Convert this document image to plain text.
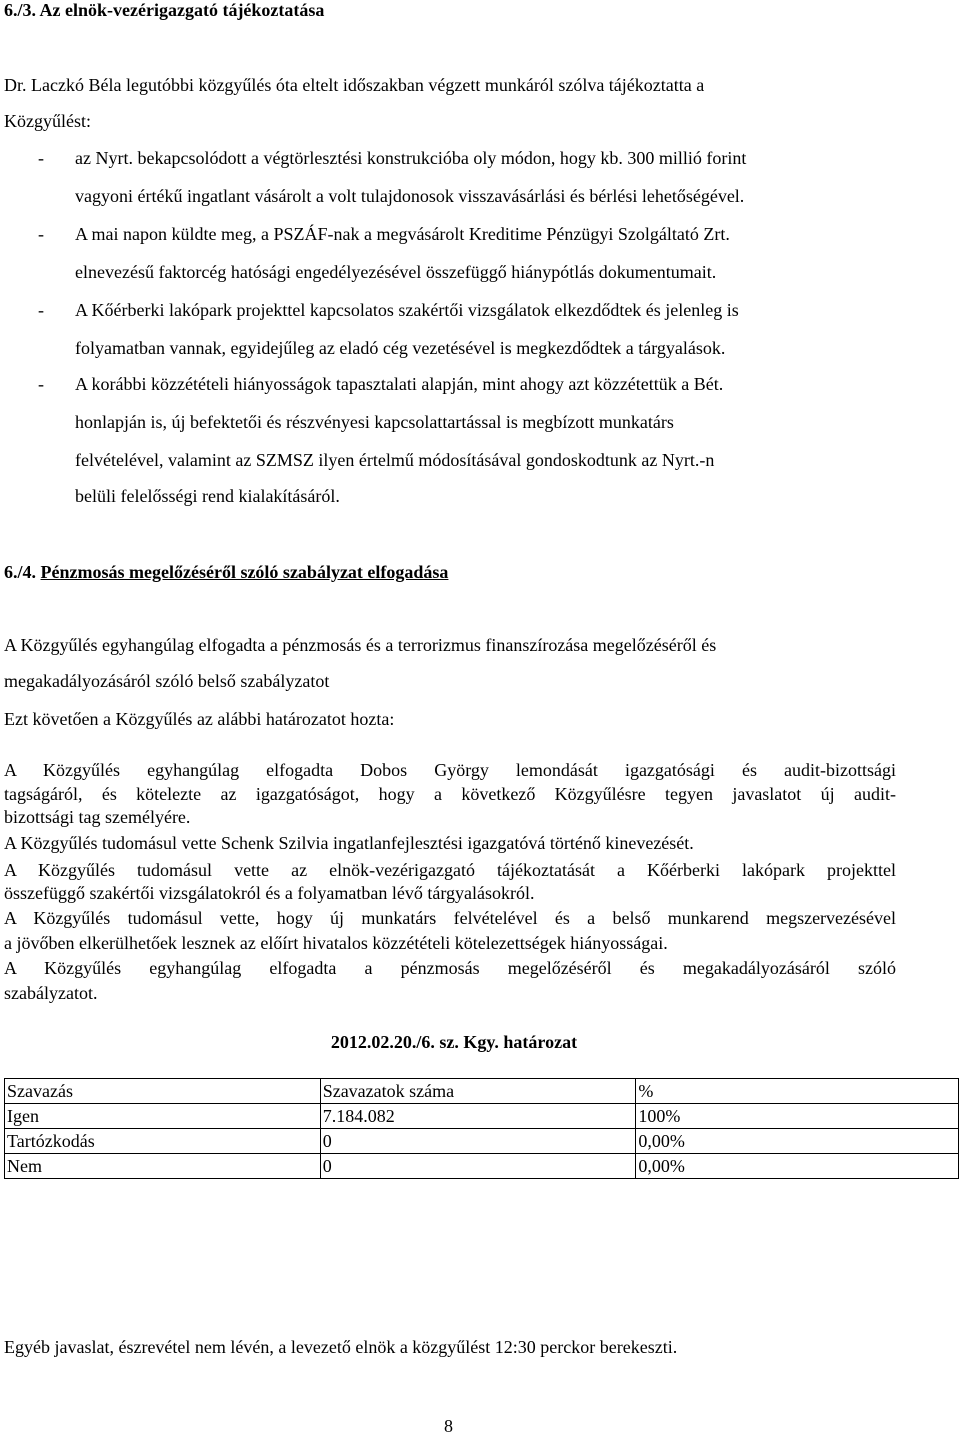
6./3. Az elnök-vezérigazgató tájékoztatása
Dr. Laczkó Béla legutóbbi közgyűlés óta eltelt időszakban végzett munkáról szólva tájékoztatta a
Közgyűlést:
- az Nyrt. bekapcsolódott a végtörlesztési konstrukcióba oly módon, hogy kb. 300 millió forint
vagyoni értékű ingatlant vásárolt a volt tulajdonosok visszavásárlási és bérlési lehetőségével.
- A mai napon küldte meg, a PSZÁF-nak a megvásárolt Kreditime Pénzügyi Szolgáltató Zrt.
elnevezésű faktorcég hatósági engedélyezésével összefüggő hiánypótlás dokumentumait.
- A Kőérberki lakópark projekttel kapcsolatos szakértői vizsgálatok elkezdődtek és jelenleg is
folyamatban vannak, egyidejűleg az eladó cég vezetésével is megkezdődtek a tárgyalások.
- A korábbi közzétételi hiányosságok tapasztalati alapján, mint ahogy azt közzétettük a Bét.
honlapján is, új befektetői és részvényesi kapcsolattartással is megbízott munkatárs
felvételével, valamint az SZMSZ ilyen értelmű módosításával gondoskodtunk az Nyrt.-n
belüli felelősségi rend kialakításáról.
6./4. Pénzmosás megelőzéséről szóló szabályzat elfogadása
A Közgyűlés egyhangúlag elfogadta a pénzmosás és a terrorizmus finanszírozása megelőzéséről és
megakadályozásáról szóló belső szabályzatot
Ezt követően a Közgyűlés az alábbi határozatot hozta:
A Közgyűlés egyhangúlag elfogadta Dobos György lemondását igazgatósági és audit-bizottsági
tagságáról, és kötelezte az igazgatóságot, hogy a következő Közgyűlésre tegyen javaslatot új audit-
bizottsági tag személyére.
A Közgyűlés tudomásul vette Schenk Szilvia ingatlanfejlesztési igazgatóvá történő kinevezését.
A Közgyűlés tudomásul vette az elnök-vezérigazgató tájékoztatását a Kőérberki lakópark projekttel
összefüggő szakértői vizsgálatokról és a folyamatban lévő tárgyalásokról.
A Közgyűlés tudomásul vette, hogy új munkatárs felvételével és a belső munkarend megszervezésével
a jövőben elkerülhetőek lesznek az előírt hivatalos közzétételi kötelezettségek hiányosságai.
A Közgyűlés egyhangúlag elfogadta a pénzmosás megelőzéséről és megakadályozásáról szóló
szabályzatot.
2012.02.20./6. sz. Kgy. határozat
Szavazás	Szavazatok száma	%
Igen	7.184.082	100%
Tartózkodás	0	0,00%
Nem	0	0,00%
Egyéb javaslat, észrevétel nem lévén, a levezető elnök a közgyűlést 12:30 perckor berekeszti.
8
